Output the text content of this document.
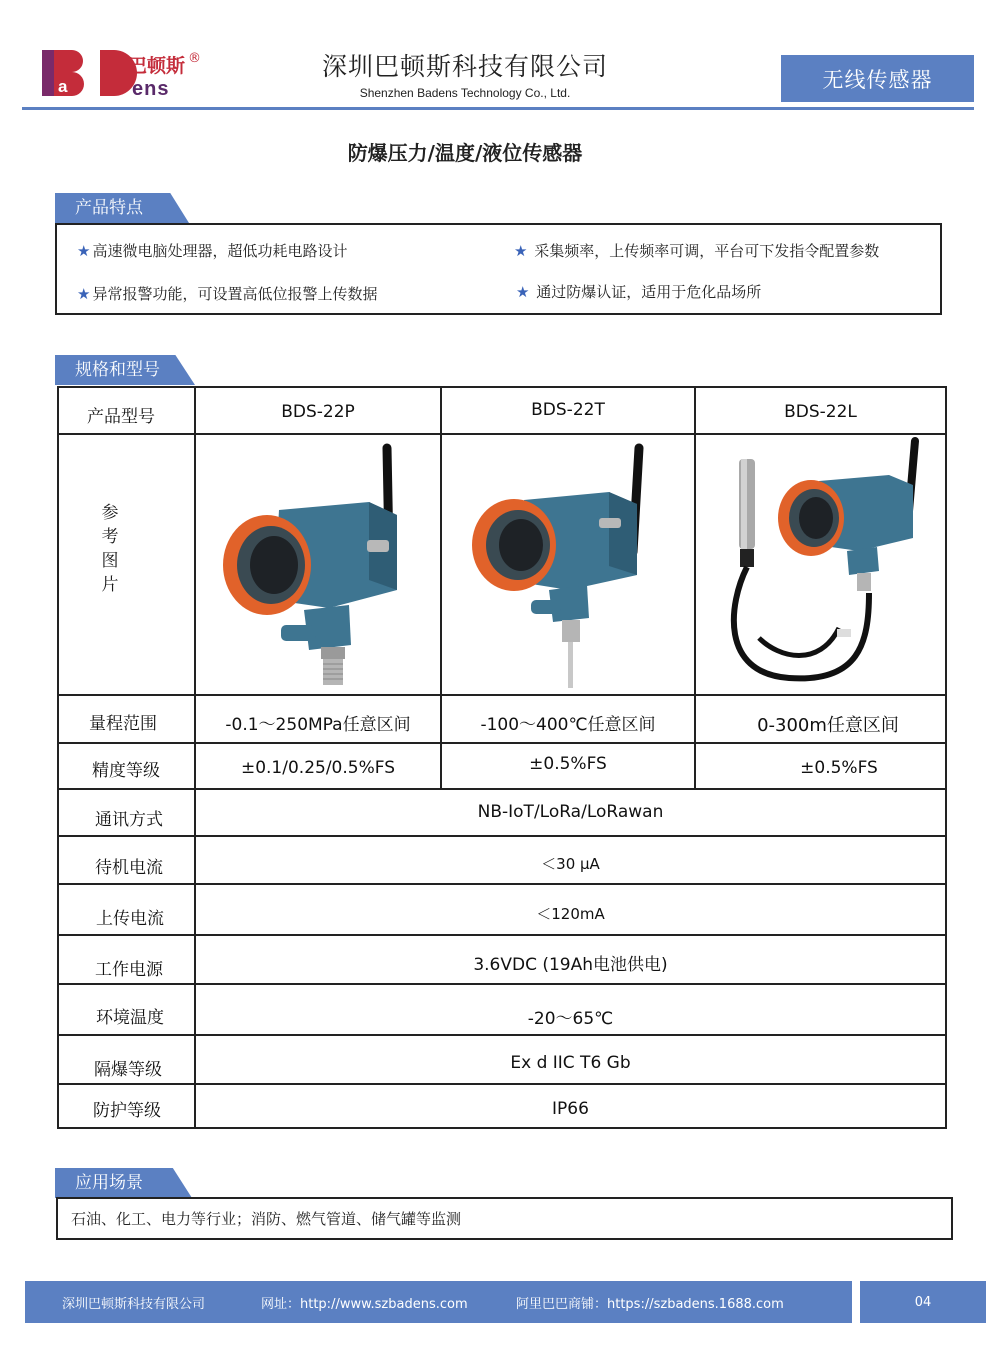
a
巴顿斯 ®
ens
深圳巴顿斯科技有限公司
Shenzhen Badens Technology Co., Ltd.
无线传感器
防爆压力/温度/液位传感器
产品特点
★ 高速微电脑处理器，超低功耗电路设计	★ 采集频率，上传频率可调，平台可下发指令配置参数
★ 异常报警功能，可设置高低位报警上传数据	★ 通过防爆认证，适用于危化品场所
规格和型号
产品型号	BDS-22P	BDS-22T	BDS-22L
参
考
图
片
量程范围	-0.1～250MPa任意区间	-100～400℃任意区间	0-300m任意区间
精度等级	±0.1/0.25/0.5%FS	±0.5%FS	±0.5%FS
通讯方式	NB-IoT/LoRa/LoRawan
待机电流	＜30 μA
上传电流	＜120mA
工作电源	3.6VDC (19Ah电池供电)
环境温度	-20～65℃
隔爆等级	Ex d IIC T6 Gb
防护等级	IP66
应用场景
石油、化工、电力等行业；消防、燃气管道、储气罐等监测
深圳巴顿斯科技有限公司	网址：http://www.szbadens.com	阿里巴巴商铺：https://szbadens.1688.com	04
